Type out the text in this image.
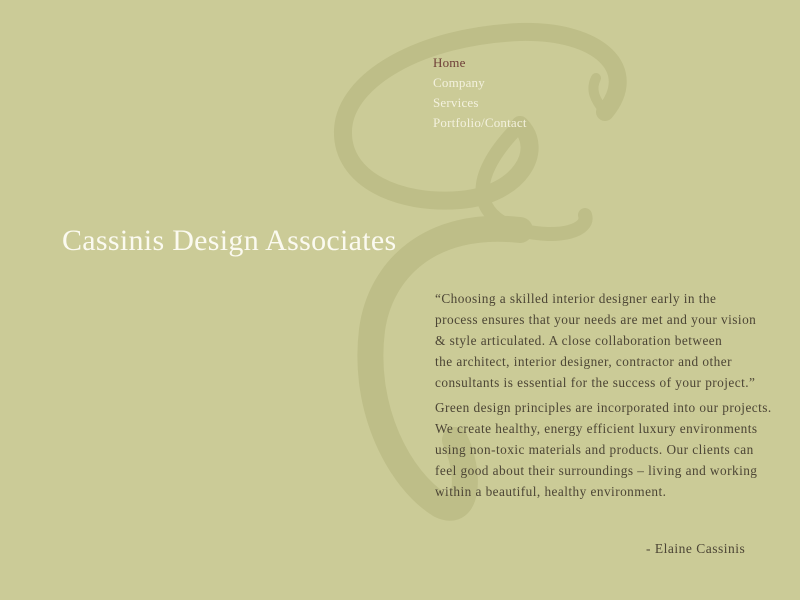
Home
Company
Services
Portfolio/Contact
Cassinis Design Associates

“Choosing a skilled interior designer early in the
process ensures that your needs are met and your vision
& style articulated. A close collaboration between
the architect, interior designer, contractor and other
consultants is essential for the success of your project.”

Green design principles are incorporated into our projects.
We create healthy, energy efficient luxury environments
using non-toxic materials and products. Our clients can
feel good about their surroundings – living and working
within a beautiful, healthy environment.

- Elaine Cassinis
